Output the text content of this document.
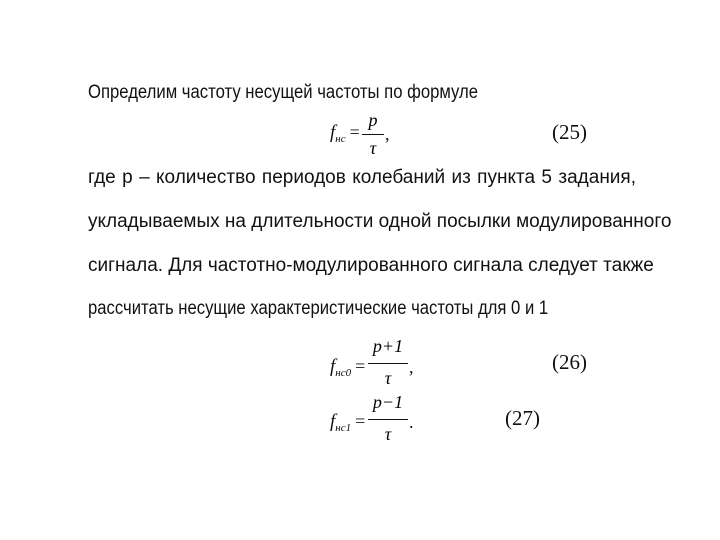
Определим частоту несущей частоты по формуле
$f_{нс}$ =
p
τ
,	(25)
где p – количество периодов колебаний из пункта 5 задания,
укладываемых на длительности одной посылки модулированного
сигнала. Для частотно-модулированного сигнала следует также
рассчитать несущие характеристические частоты для 0 и 1
$f_{нс0}$ =
p+1
τ
,	(26)
$f_{нс1}$ =
p−1
τ
.	(27)
